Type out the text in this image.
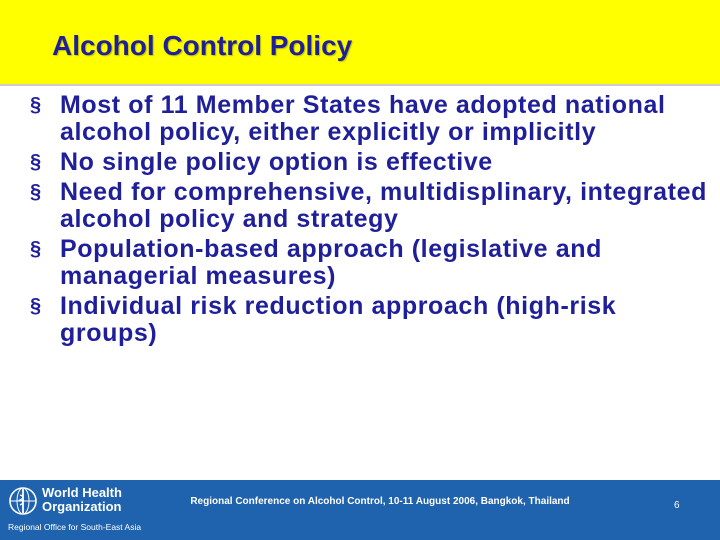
Alcohol Control Policy
§ Most of 11 Member States have adopted national alcohol policy, either explicitly or implicitly
§ No single policy option is effective
§ Need for comprehensive, multidisplinary, integrated alcohol policy and strategy
§ Population-based approach (legislative and managerial measures)
§ Individual risk reduction approach (high-risk groups)
World Health
Organization
Regional Office for South-East Asia
Regional Conference on Alcohol Control, 10-11 August 2006, Bangkok, Thailand	6
